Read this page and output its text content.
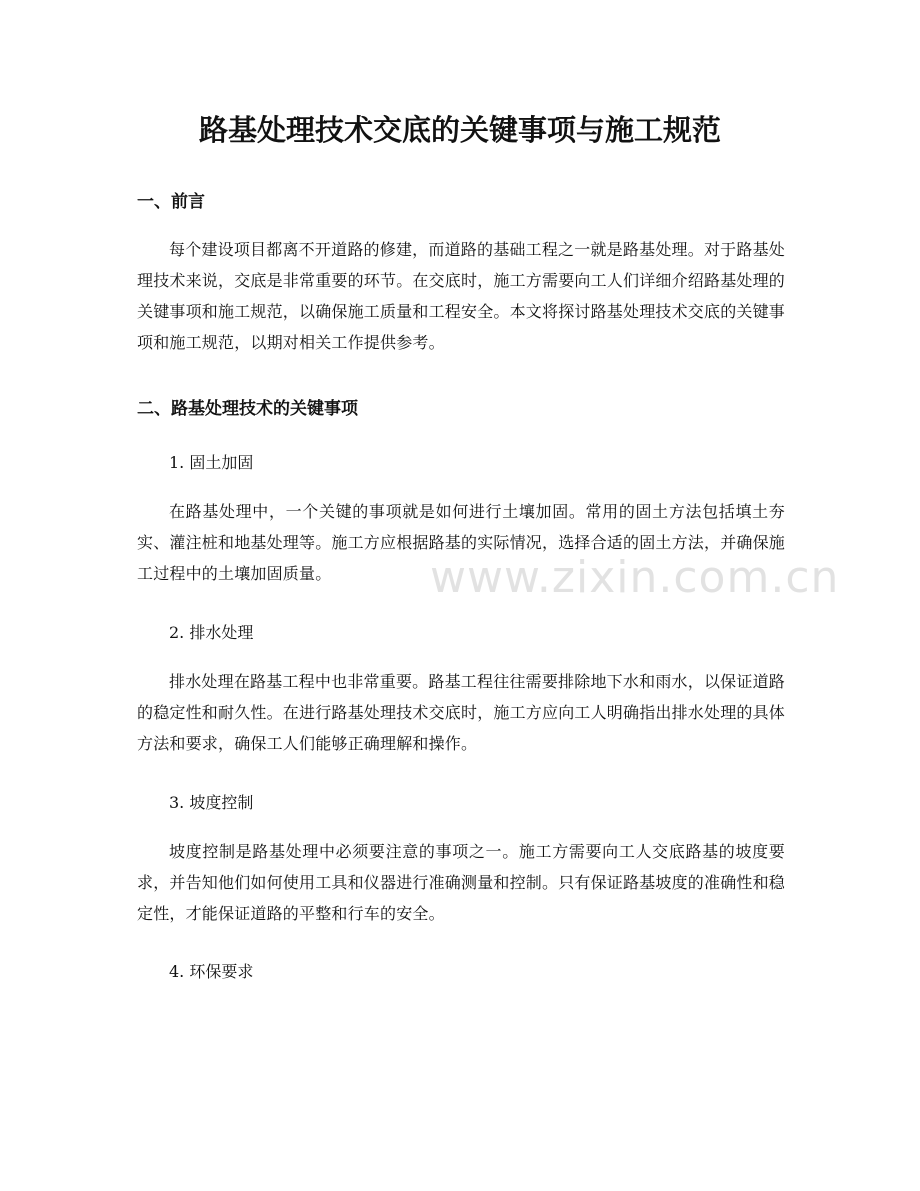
www.zixin.com.cn
路基处理技术交底的关键事项与施工规范
一、前言

每个建设项目都离不开道路的修建，而道路的基础工程之一就是路基处理。对于路基处理技术来说，交底是非常重要的环节。在交底时，施工方需要向工人们详细介绍路基处理的关键事项和施工规范，以确保施工质量和工程安全。本文将探讨路基处理技术交底的关键事项和施工规范，以期对相关工作提供参考。

二、路基处理技术的关键事项
1. 固土加固

在路基处理中，一个关键的事项就是如何进行土壤加固。常用的固土方法包括填土夯实、灌注桩和地基处理等。施工方应根据路基的实际情况，选择合适的固土方法，并确保施工过程中的土壤加固质量。

2. 排水处理

排水处理在路基工程中也非常重要。路基工程往往需要排除地下水和雨水，以保证道路的稳定性和耐久性。在进行路基处理技术交底时，施工方应向工人明确指出排水处理的具体方法和要求，确保工人们能够正确理解和操作。

3. 坡度控制

坡度控制是路基处理中必须要注意的事项之一。施工方需要向工人交底路基的坡度要求，并告知他们如何使用工具和仪器进行准确测量和控制。只有保证路基坡度的准确性和稳定性，才能保证道路的平整和行车的安全。

4. 环保要求
